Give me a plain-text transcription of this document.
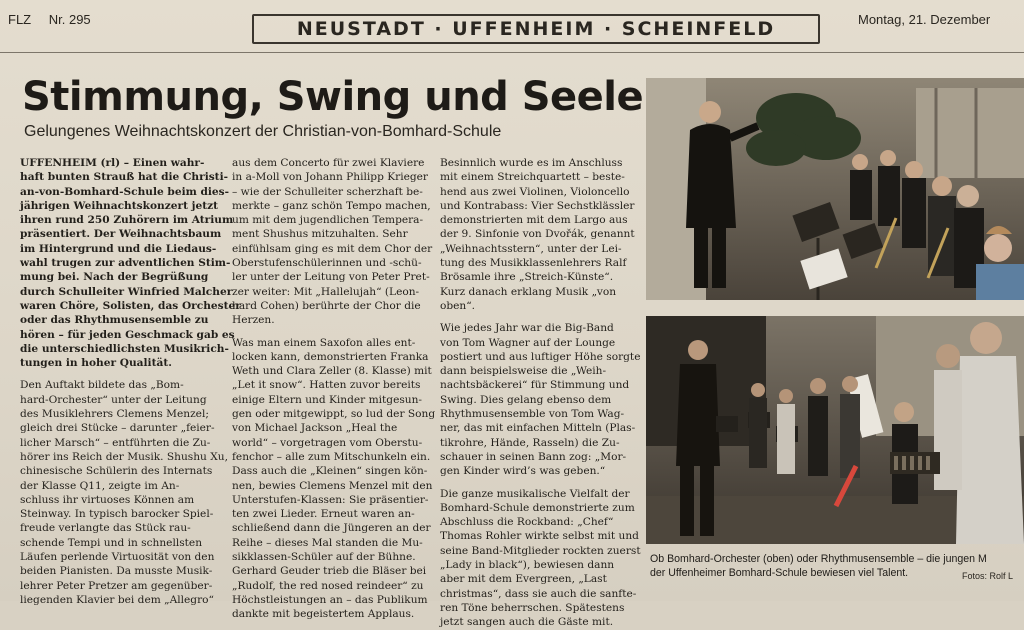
FLZ Nr. 295	NEUSTADT · UFFENHEIM · SCHEINFELD	Montag, 21. Dezember
Stimmung, Swing und Seele
Gelungenes Weihnachtskonzert der Christian-von-Bomhard-Schule

UFFENHEIM (rl) – Einen wahr-

haft bunten Strauß hat die Christi-

an-von-Bomhard-Schule beim dies-

jährigen Weihnachtskonzert jetzt

ihren rund 250 Zuhörern im Atrium

präsentiert. Der Weihnachtsbaum

im Hintergrund und die Liedaus-

wahl trugen zur adventlichen Stim-

mung bei. Nach der Begrüßung

durch Schulleiter Winfried Malcher

waren Chöre, Solisten, das Orchester

oder das Rhythmusensemble zu

hören – für jeden Geschmack gab es

die unterschiedlichsten Musikrich-

tungen in hoher Qualität.

Den Auftakt bildete das „Bom-

hard-Orchester“ unter der Leitung

des Musiklehrers Clemens Menzel;

gleich drei Stücke – darunter „feier-

licher Marsch“ – entführten die Zu-

hörer ins Reich der Musik. Shushu Xu,

chinesische Schülerin des Internats

der Klasse Q11, zeigte im An-

schluss ihr virtuoses Können am

Steinway. In typisch barocker Spiel-

freude verlangte das Stück rau-

schende Tempi und in schnellsten

Läufen perlende Virtuosität von den

beiden Pianisten. Da musste Musik-

lehrer Peter Pretzer am gegenüber-

liegenden Klavier bei dem „Allegro“

aus dem Concerto für zwei Klaviere

in a-Moll von Johann Philipp Krieger

– wie der Schulleiter scherzhaft be-

merkte – ganz schön Tempo machen,

um mit dem jugendlichen Tempera-

ment Shushus mitzuhalten. Sehr

einfühlsam ging es mit dem Chor der

Oberstufenschülerinnen und -schü-

ler unter der Leitung von Peter Pret-

zer weiter: Mit „Hallelujah“ (Leon-

hard Cohen) berührte der Chor die

Herzen.

Was man einem Saxofon alles ent-

locken kann, demonstrierten Franka

Weth und Clara Zeller (8. Klasse) mit

„Let it snow“. Hatten zuvor bereits

einige Eltern und Kinder mitgesun-

gen oder mitgewippt, so lud der Song

von Michael Jackson „Heal the

world“ – vorgetragen vom Oberstu-

fenchor – alle zum Mitschunkeln ein.

Dass auch die „Kleinen“ singen kön-

nen, bewies Clemens Menzel mit den

Unterstufen-Klassen: Sie präsentier-

ten zwei Lieder. Erneut waren an-

schließend dann die Jüngeren an der

Reihe – dieses Mal standen die Mu-

sikklassen-Schüler auf der Bühne.

Gerhard Geuder trieb die Bläser bei

„Rudolf, the red nosed reindeer“ zu

Höchstleistungen an – das Publikum

dankte mit begeistertem Applaus.

Besinnlich wurde es im Anschluss

mit einem Streichquartett – beste-

hend aus zwei Violinen, Violoncello

und Kontrabass: Vier Sechstklässler

demonstrierten mit dem Largo aus

der 9. Sinfonie von Dvořák, genannt

„Weihnachtsstern“, unter der Lei-

tung des Musikklassenlehrers Ralf

Brösamle ihre „Streich-Künste“.

Kurz danach erklang Musik „von

oben“.

Wie jedes Jahr war die Big-Band

von Tom Wagner auf der Lounge

postiert und aus luftiger Höhe sorgte

dann beispielsweise die „Weih-

nachtsbäckerei“ für Stimmung und

Swing. Dies gelang ebenso dem

Rhythmusensemble von Tom Wag-

ner, das mit einfachen Mitteln (Plas-

tikrohre, Hände, Rasseln) die Zu-

schauer in seinen Bann zog: „Mor-

gen Kinder wird’s was geben.“

Die ganze musikalische Vielfalt der

Bomhard-Schule demonstrierte zum

Abschluss die Rockband: „Chef“

Thomas Rohler wirkte selbst mit und

seine Band-Mitglieder rockten zuerst

„Lady in black“), bewiesen dann

aber mit dem Evergreen, „Last

christmas“, dass sie auch die sanfte-

ren Töne beherrschen. Spätestens

jetzt sangen auch die Gäste mit.

Ob Bomhard-Orchester (oben) oder Rhythmusensemble – die jungen M

der Uffenheimer Bomhard-Schule bewiesen viel Talent.	Fotos: Rolf L
